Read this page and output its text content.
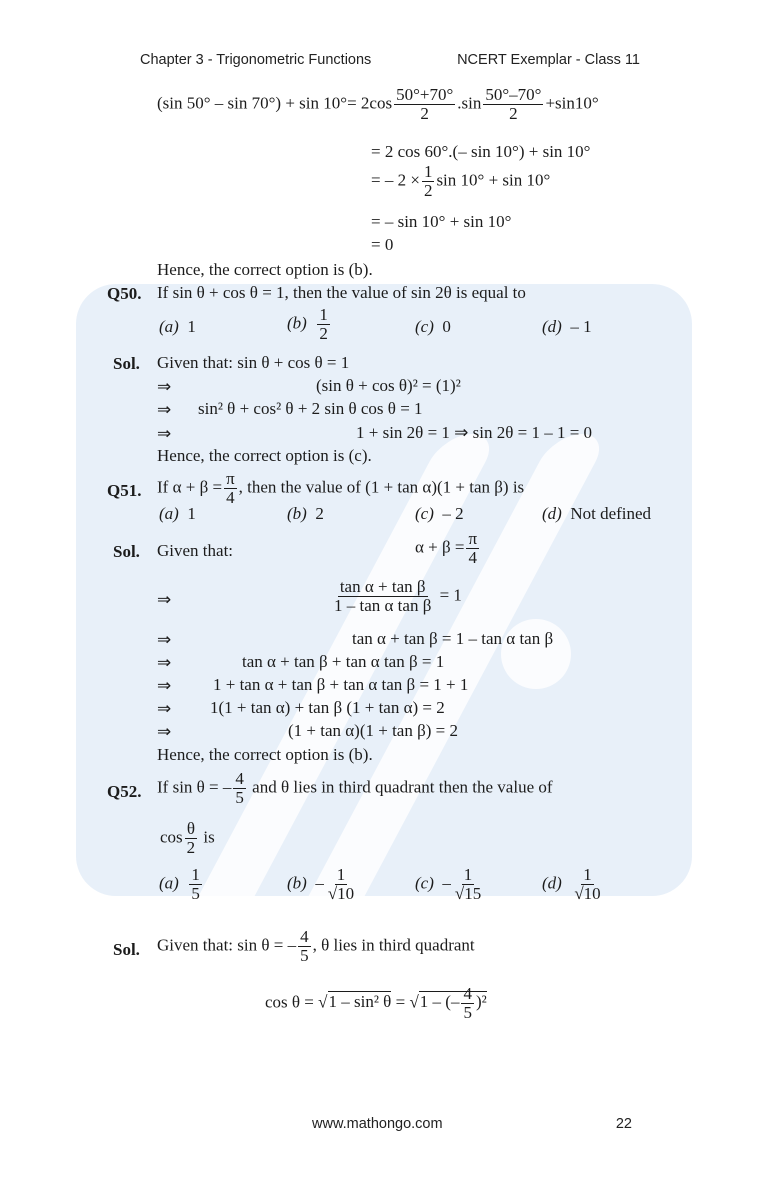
Chapter 3 - Trigonometric Functions	NCERT Exemplar - Class 11
(sin $50^\circ - \sin 70^\circ) + \sin 10^\circ= 2\cos \frac{50^\circ+70^\circ}{2} .\sin \frac{50^\circ-70^\circ}{2} +\sin 10^\circ$
= 2 cos 60°.(– sin 10°) + sin 10°
= – $2 \times \frac{1}{2}$ sin 10° + sin 10°
= – sin 10° + sin 10°
= 0
Hence, the correct option is (b).
Q50. If sin θ + cos θ = 1, then the value of sin 2θ is equal to
(a) 1	$(b) \frac{1}{2}$	(c) 0	(d) – 1
Sol. Given that: sin θ + cos θ = 1
⇒	(sin θ + cos θ)² = (1)²
⇒ sin² θ + cos² θ + 2 sin θ cos θ = 1
⇒	1 + sin 2θ = 1 ⇒ sin 2θ = 1 – 1 = 0
Hence, the correct option is (c).
Q51. If $\alpha + \beta = \frac{\pi}{4}$ , then the value of (1 + tan α)(1 + tan β) is
(a) 1	(b) 2	(c) – 2	(d) Not defined
Sol. Given that:	$\alpha + \beta = \frac{\pi}{4}$
⇒	$\frac{\text{tan α + tan β}}{\text{1 – tan α tan β}} = 1$
⇒	tan α + tan β = 1 – tan α tan β
⇒	tan α + tan β + tan α tan β = 1
⇒ 1 + tan α + tan β + tan α tan β = 1 + 1
⇒ 1(1 + tan α) + tan β (1 + tan α) = 2
⇒	(1 + tan α)(1 + tan β) = 2
Hence, the correct option is (b).
Q52. If sin θ = – $\frac{4}{5}$ and θ lies in third quadrant then the value of
$\cos \frac{\theta}{2}$ is
$(a) \frac{1}{5}$	$(b) - \frac{1}{√10}$	$(c) - \frac{1}{√15}$	$(d) \frac{1}{√10}$
Sol. Given that: sin θ = – $\frac{4}{5}$ , θ lies in third quadrant
cos θ = √1 – sin² θ = √1 – (– $\frac{4}{5} )^2$
www.mathongo.com	22
